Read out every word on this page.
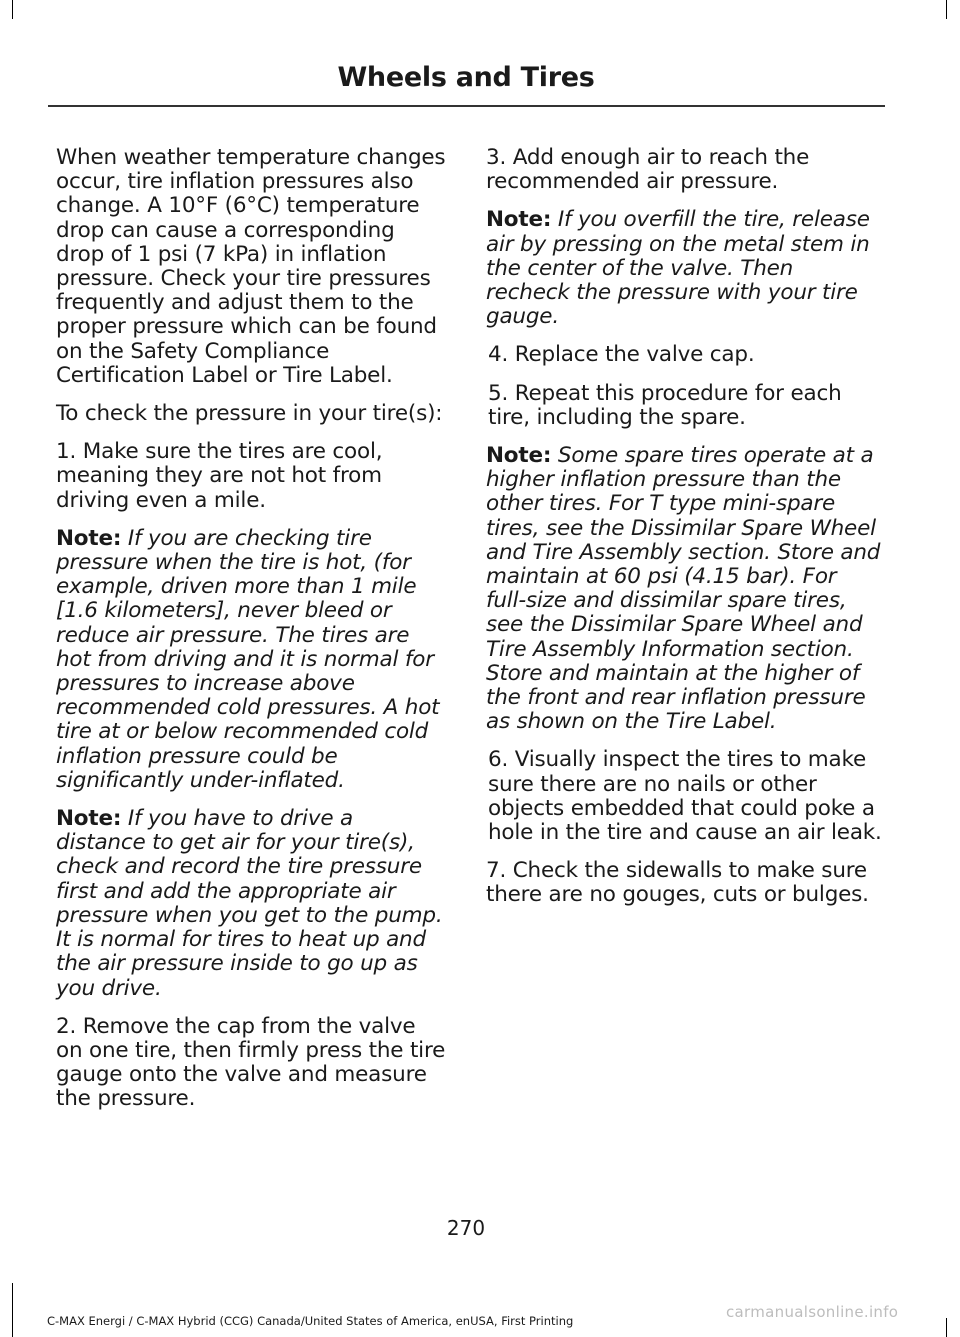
Wheels and Tires

When weather temperature changes occur, tire inflation pressures also change. A 10°F (6°C) temperature drop can cause a corresponding drop of 1 psi (7 kPa) in inflation pressure. Check your tire pressures frequently and adjust them to the proper pressure which can be found on the Safety Compliance Certification Label or Tire Label.

To check the pressure in your tire(s):

1. Make sure the tires are cool, meaning they are not hot from driving even a mile.

Note: If you are checking tire pressure when the tire is hot, (for example, driven more than 1 mile [1.6 kilometers], never bleed or reduce air pressure. The tires are hot from driving and it is normal for pressures to increase above recommended cold pressures. A hot tire at or below recommended cold inflation pressure could be significantly under-inflated.

Note: If you have to drive a distance to get air for your tire(s), check and record the tire pressure first and add the appropriate air pressure when you get to the pump. It is normal for tires to heat up and the air pressure inside to go up as you drive.

2. Remove the cap from the valve on one tire, then firmly press the tire gauge onto the valve and measure the pressure.

3. Add enough air to reach the recommended air pressure.

Note: If you overfill the tire, release air by pressing on the metal stem in the center of the valve. Then recheck the pressure with your tire gauge.

4. Replace the valve cap.

5. Repeat this procedure for each tire, including the spare.

Note: Some spare tires operate at a higher inflation pressure than the other tires. For T type mini-spare tires, see the Dissimilar Spare Wheel and Tire Assembly section. Store and maintain at 60 psi (4.15 bar). For full-size and dissimilar spare tires, see the Dissimilar Spare Wheel and Tire Assembly Information section. Store and maintain at the higher of the front and rear inflation pressure as shown on the Tire Label.

6. Visually inspect the tires to make sure there are no nails or other objects embedded that could poke a hole in the tire and cause an air leak.

7. Check the sidewalls to make sure there are no gouges, cuts or bulges.

270
C-MAX Energi / C-MAX Hybrid (CCG) Canada/United States of America, enUSA, First Printing	carmanualsonline.info
